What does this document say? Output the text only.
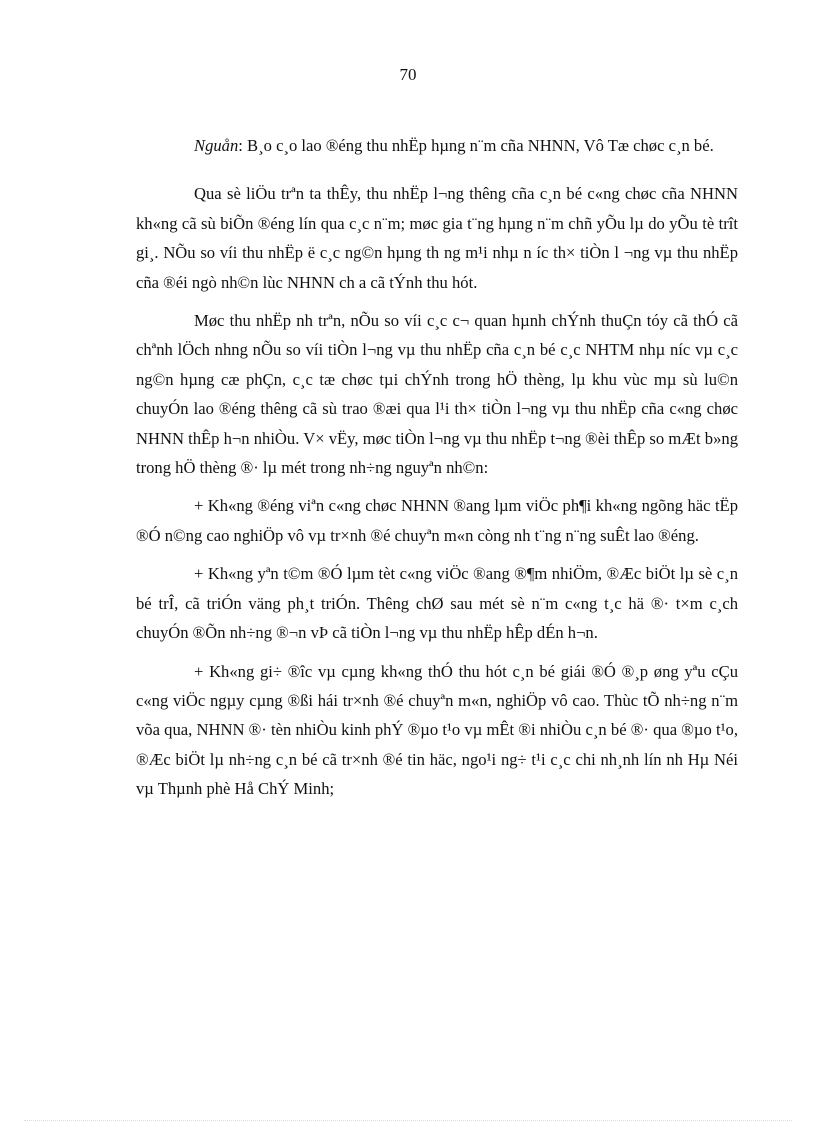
70

Nguån: B¸o c¸o lao ®éng thu nhËp hµng n¨m cña NHNN, Vô Tæ chøc c¸n bé.

Qua sè liÖu trªn ta thÊy, thu nhËp l¬ng thêng cña c¸n bé c«ng chøc cña NHNN kh«ng cã sù biÕn ®éng lín qua c¸c n¨m; møc gia t¨ng hµng n¨m chñ yÕu lµ do yÕu tè trît gi¸. NÕu so víi thu nhËp ë c¸c ng©n hµng th ng m¹i nhµ n íc th× tiÒn l ¬ng vµ thu nhËp cña ®éi ngò nh©n lùc NHNN ch a cã tÝnh thu hót.

Møc thu nhËp nh trªn, nÕu so víi c¸c c¬ quan hµnh chÝnh thuÇn tóy cã thÓ cã chªnh lÖch nhng nÕu so víi tiÒn l¬ng vµ thu nhËp cña c¸n bé c¸c NHTM nhµ níc vµ c¸c ng©n hµng cæ phÇn, c¸c tæ chøc tµi chÝnh trong hÖ thèng, lµ khu vùc mµ sù lu©n chuyÓn lao ®éng thêng cã sù trao ®æi qua l¹i th× tiÒn l¬ng vµ thu nhËp cña c«ng chøc NHNN thÊp h¬n nhiÒu. V× vËy, møc tiÒn l¬ng vµ thu nhËp t¬ng ®èi thÊp so mÆt b»ng trong hÖ thèng ®· lµ mét trong nh÷ng nguyªn nh©n:

+ Kh«ng ®éng viªn c«ng chøc NHNN ®ang lµm viÖc ph¶i kh«ng ngõng häc tËp ®Ó n©ng cao nghiÖp vô vµ tr×nh ®é chuyªn m«n còng nh t¨ng n¨ng suÊt lao ®éng.

+ Kh«ng yªn t©m ®Ó lµm tèt c«ng viÖc ®ang ®¶m nhiÖm, ®Æc biÖt lµ sè c¸n bé trÎ, cã triÓn väng ph¸t triÓn. Thêng chØ sau mét sè n¨m c«ng t¸c hä ®· t×m c¸ch chuyÓn ®Õn nh÷ng ®¬n vÞ cã tiÒn l¬ng vµ thu nhËp hÊp dÉn h¬n.

+ Kh«ng gi÷ ®îc vµ cµng kh«ng thÓ thu hót c¸n bé giái ®Ó ®¸p øng yªu cÇu c«ng viÖc ngµy cµng ®ßi hái tr×nh ®é chuyªn m«n, nghiÖp vô cao. Thùc tÕ nh÷ng n¨m võa qua, NHNN ®· tèn nhiÒu kinh phÝ ®µo t¹o vµ mÊt ®i nhiÒu c¸n bé ®· qua ®µo t¹o, ®Æc biÖt lµ nh÷ng c¸n bé cã tr×nh ®é tin häc, ngo¹i ng÷ t¹i c¸c chi nh¸nh lín nh Hµ Néi vµ Thµnh phè Hå ChÝ Minh;
